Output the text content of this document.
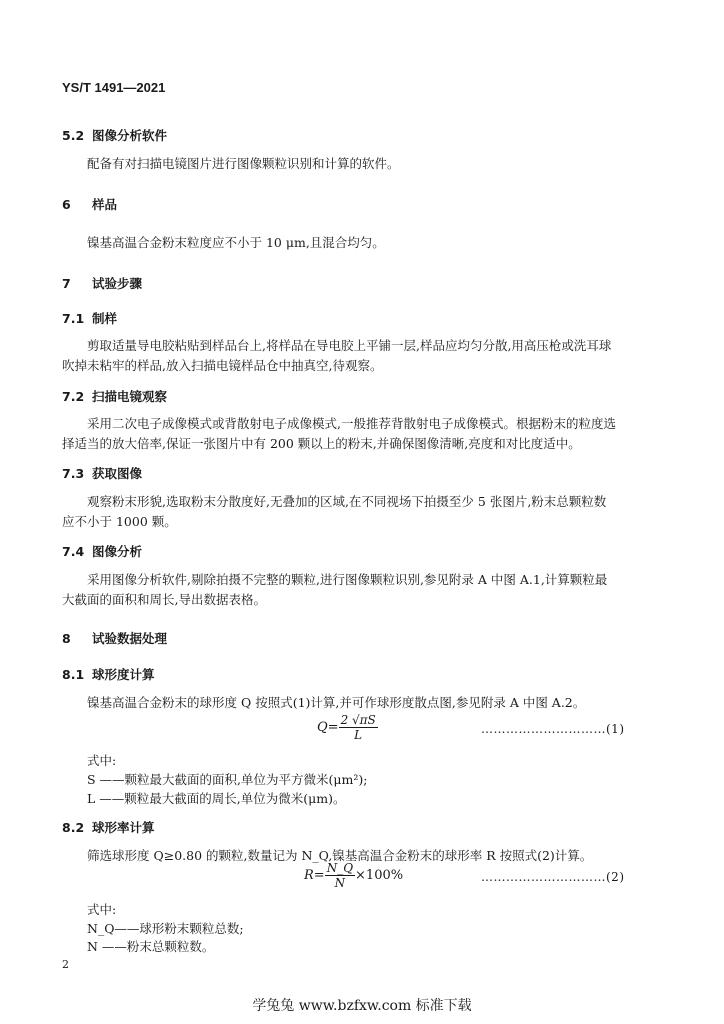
YS/T 1491—2021
5.2 图像分析软件
配备有对扫描电镜图片进行图像颗粒识别和计算的软件。
6 样品
镍基高温合金粉末粒度应不小于 10 μm,且混合均匀。
7 试验步骤
7.1 制样
剪取适量导电胶粘贴到样品台上,将样品在导电胶上平铺一层,样品应均匀分散,用高压枪或洗耳球
吹掉未粘牢的样品,放入扫描电镜样品仓中抽真空,待观察。
7.2 扫描电镜观察
采用二次电子成像模式或背散射电子成像模式,一般推荐背散射电子成像模式。根据粉末的粒度选
择适当的放大倍率,保证一张图片中有 200 颗以上的粉末,并确保图像清晰,亮度和对比度适中。
7.3 获取图像
观察粉末形貌,选取粉末分散度好,无叠加的区域,在不同视场下拍摄至少 5 张图片,粉末总颗粒数
应不小于 1000 颗。
7.4 图像分析
采用图像分析软件,剔除拍摄不完整的颗粒,进行图像颗粒识别,参见附录 A 中图 A.1,计算颗粒最
大截面的面积和周长,导出数据表格。
8 试验数据处理
8.1 球形度计算
镍基高温合金粉末的球形度 Q 按照式(1)计算,并可作球形度散点图,参见附录 A 中图 A.2。
$Q= \frac{2 √\pi S}{L}$	…………………………(1)
式中:
S ——颗粒最大截面的面积,单位为平方微米(μm²);
L ——颗粒最大截面的周长,单位为微米(μm)。
8.2 球形率计算
筛选球形度 Q≥0.80 的颗粒,数量记为 N_Q,镍基高温合金粉末的球形率 R 按照式(2)计算。
$R= \frac{N\_Q}{N} \times 100\%$	…………………………(2)
式中:
N_Q——球形粉末颗粒总数;
N ——粉末总颗粒数。
2
学兔兔 www.bzfxw.com 标准下载
